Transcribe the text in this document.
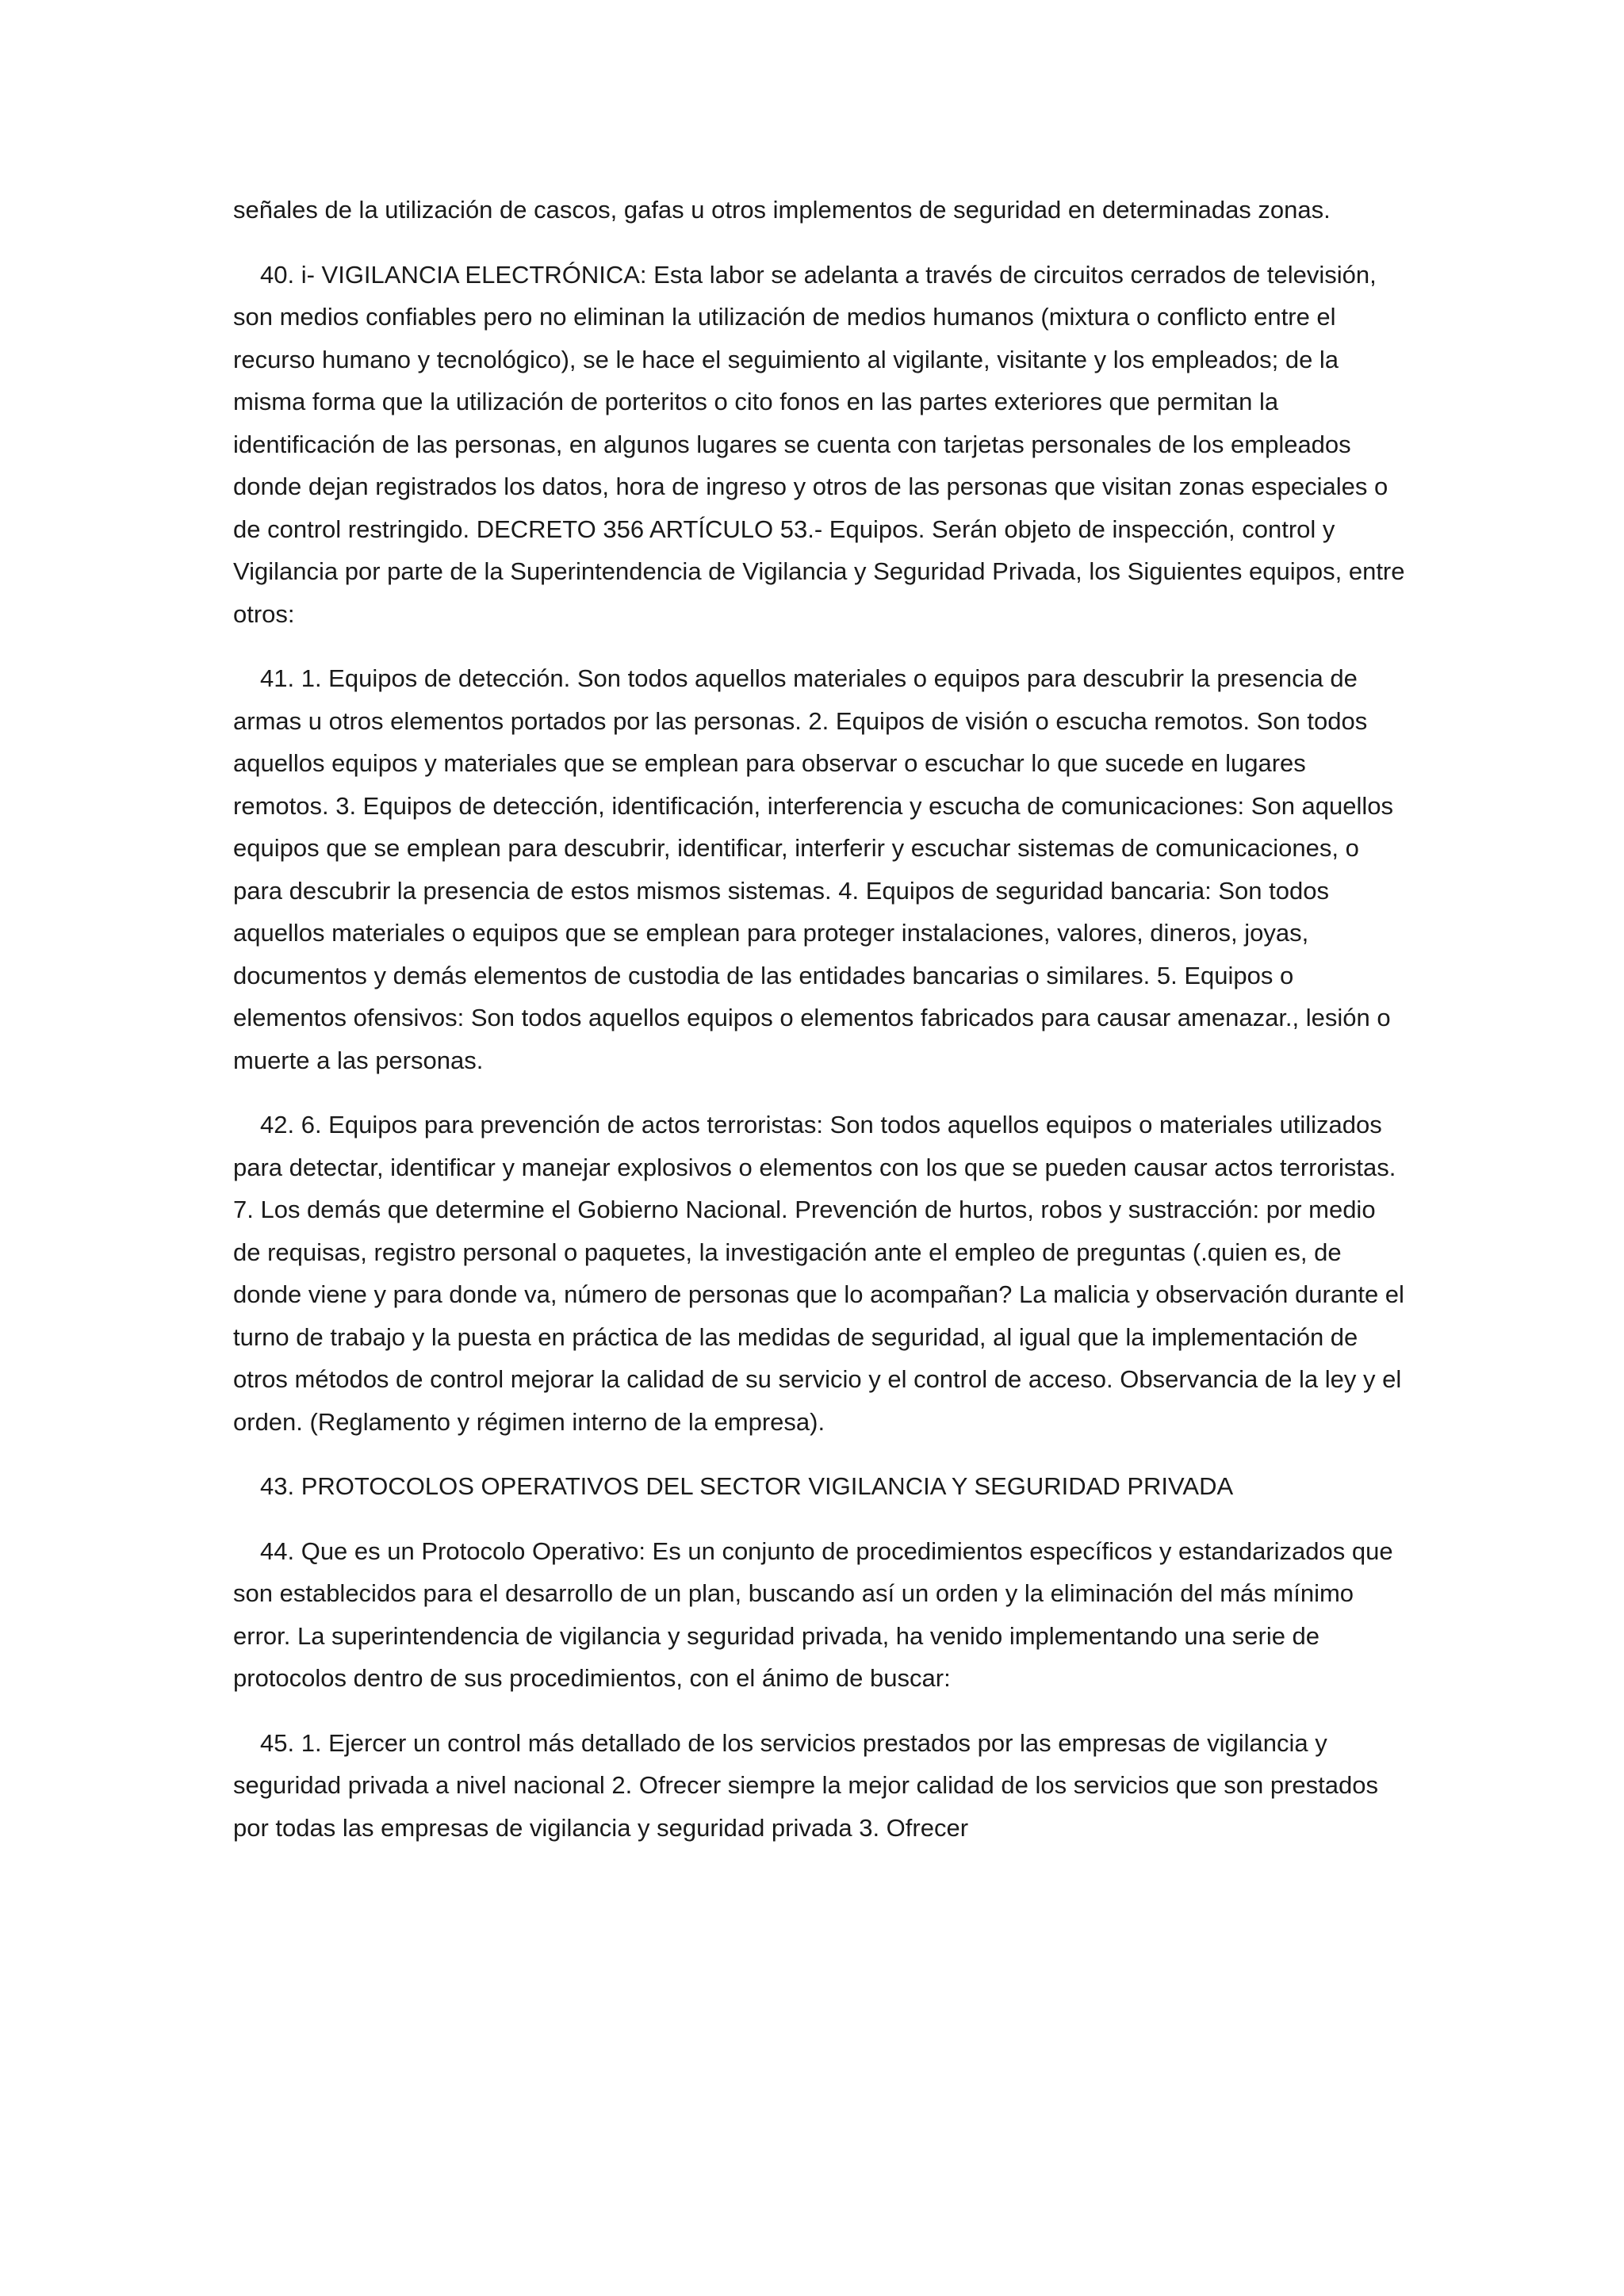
señales de la utilización de cascos, gafas u otros implementos de seguridad en determinadas zonas.

40. i- VIGILANCIA ELECTRÓNICA: Esta labor se adelanta a través de circuitos cerrados de televisión, son medios confiables pero no eliminan la utilización de medios humanos (mixtura o conflicto entre el recurso humano y tecnológico), se le hace el seguimiento al vigilante, visitante y los empleados; de la misma forma que la utilización de porteritos o cito fonos en las partes exteriores que permitan la identificación de las personas, en algunos lugares se cuenta con tarjetas personales de los empleados donde dejan registrados los datos, hora de ingreso y otros de las personas que visitan zonas especiales o de control restringido. DECRETO 356 ARTÍCULO 53.- Equipos. Serán objeto de inspección, control y Vigilancia por parte de la Superintendencia de Vigilancia y Seguridad Privada, los Siguientes equipos, entre otros:

41. 1. Equipos de detección. Son todos aquellos materiales o equipos para descubrir la presencia de armas u otros elementos portados por las personas. 2. Equipos de visión o escucha remotos. Son todos aquellos equipos y materiales que se emplean para observar o escuchar lo que sucede en lugares remotos. 3. Equipos de detección, identificación, interferencia y escucha de comunicaciones: Son aquellos equipos que se emplean para descubrir, identificar, interferir y escuchar sistemas de comunicaciones, o para descubrir la presencia de estos mismos sistemas. 4. Equipos de seguridad bancaria: Son todos aquellos materiales o equipos que se emplean para proteger instalaciones, valores, dineros, joyas, documentos y demás elementos de custodia de las entidades bancarias o similares. 5. Equipos o elementos ofensivos: Son todos aquellos equipos o elementos fabricados para causar amenazar., lesión o muerte a las personas.

42. 6. Equipos para prevención de actos terroristas: Son todos aquellos equipos o materiales utilizados para detectar, identificar y manejar explosivos o elementos con los que se pueden causar actos terroristas. 7. Los demás que determine el Gobierno Nacional. Prevención de hurtos, robos y sustracción: por medio de requisas, registro personal o paquetes, la investigación ante el empleo de preguntas (.quien es, de donde viene y para donde va, número de personas que lo acompañan? La malicia y observación durante el turno de trabajo y la puesta en práctica de las medidas de seguridad, al igual que la implementación de otros métodos de control mejorar la calidad de su servicio y el control de acceso. Observancia de la ley y el orden. (Reglamento y régimen interno de la empresa).

43. PROTOCOLOS OPERATIVOS DEL SECTOR VIGILANCIA Y SEGURIDAD PRIVADA

44. Que es un Protocolo Operativo: Es un conjunto de procedimientos específicos y estandarizados que son establecidos para el desarrollo de un plan, buscando así un orden y la eliminación del más mínimo error. La superintendencia de vigilancia y seguridad privada, ha venido implementando una serie de protocolos dentro de sus procedimientos, con el ánimo de buscar:

45. 1. Ejercer un control más detallado de los servicios prestados por las empresas de vigilancia y seguridad privada a nivel nacional 2. Ofrecer siempre la mejor calidad de los servicios que son prestados por todas las empresas de vigilancia y seguridad privada 3. Ofrecer
